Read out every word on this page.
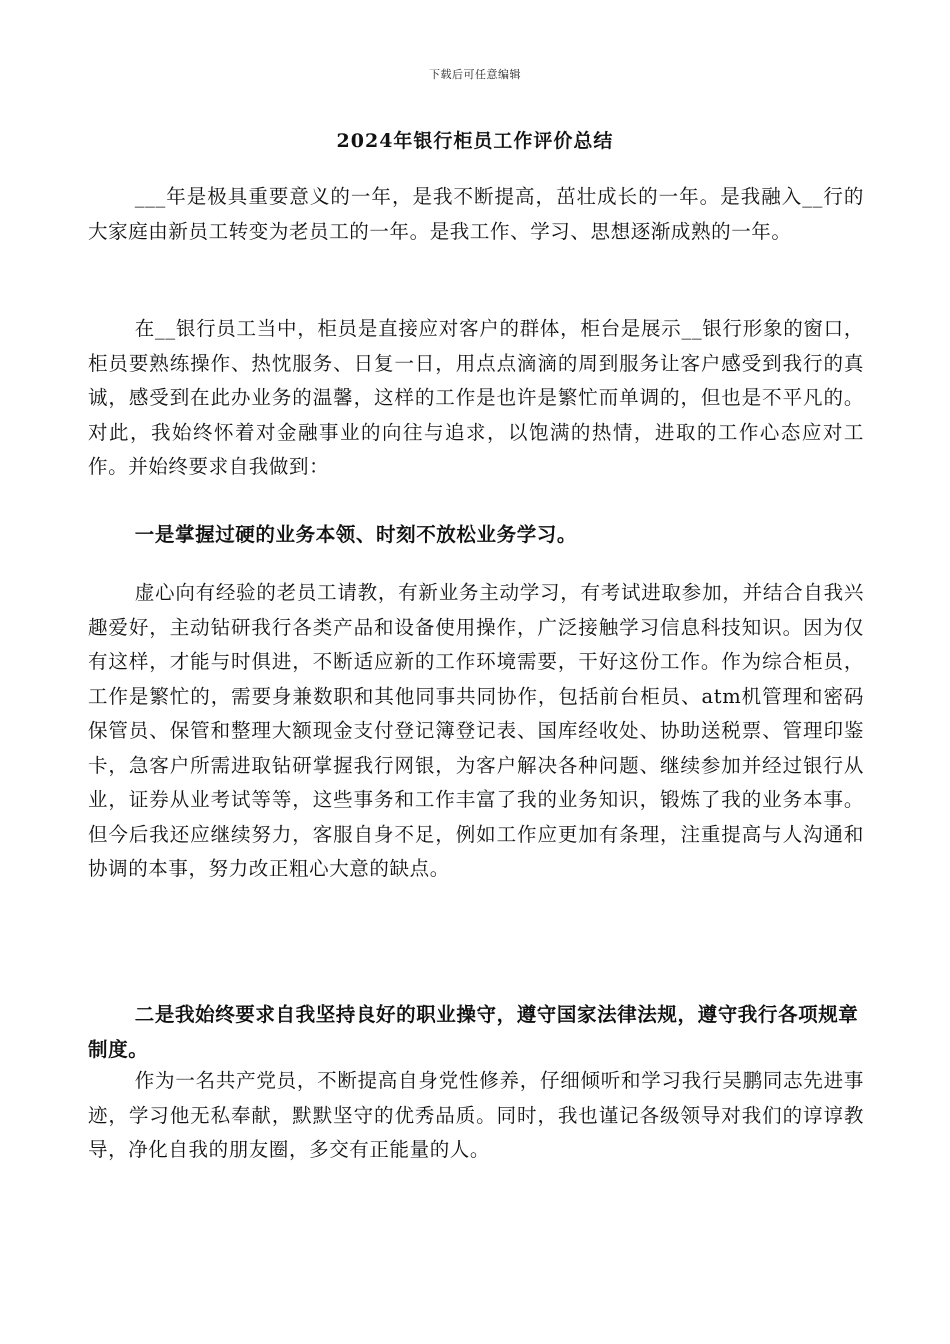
下载后可任意编辑
2024年银行柜员工作评价总结
___年是极具重要意义的一年，是我不断提高，茁壮成长的一年。是我融入__行的大家庭由新员工转变为老员工的一年。是我工作、学习、思想逐渐成熟的一年。
在__银行员工当中，柜员是直接应对客户的群体，柜台是展示__银行形象的窗口，柜员要熟练操作、热忱服务、日复一日，用点点滴滴的周到服务让客户感受到我行的真诚，感受到在此办业务的温馨，这样的工作是也许是繁忙而单调的，但也是不平凡的。对此，我始终怀着对金融事业的向往与追求，以饱满的热情，进取的工作心态应对工作。并始终要求自我做到：
一是掌握过硬的业务本领、时刻不放松业务学习。
虚心向有经验的老员工请教，有新业务主动学习，有考试进取参加，并结合自我兴趣爱好，主动钻研我行各类产品和设备使用操作，广泛接触学习信息科技知识。因为仅有这样，才能与时俱进，不断适应新的工作环境需要，干好这份工作。作为综合柜员，工作是繁忙的，需要身兼数职和其他同事共同协作，包括前台柜员、atm机管理和密码保管员、保管和整理大额现金支付登记簿登记表、国库经收处、协助送税票、管理印鉴卡，急客户所需进取钻研掌握我行网银，为客户解决各种问题、继续参加并经过银行从业，证券从业考试等等，这些事务和工作丰富了我的业务知识，锻炼了我的业务本事。但今后我还应继续努力，客服自身不足，例如工作应更加有条理，注重提高与人沟通和协调的本事，努力改正粗心大意的缺点。
二是我始终要求自我坚持良好的职业操守，遵守国家法律法规，遵守我行各项规章制度。
作为一名共产党员，不断提高自身党性修养，仔细倾听和学习我行吴鹏同志先进事迹，学习他无私奉献，默默坚守的优秀品质。同时，我也谨记各级领导对我们的谆谆教导，净化自我的朋友圈，多交有正能量的人。
